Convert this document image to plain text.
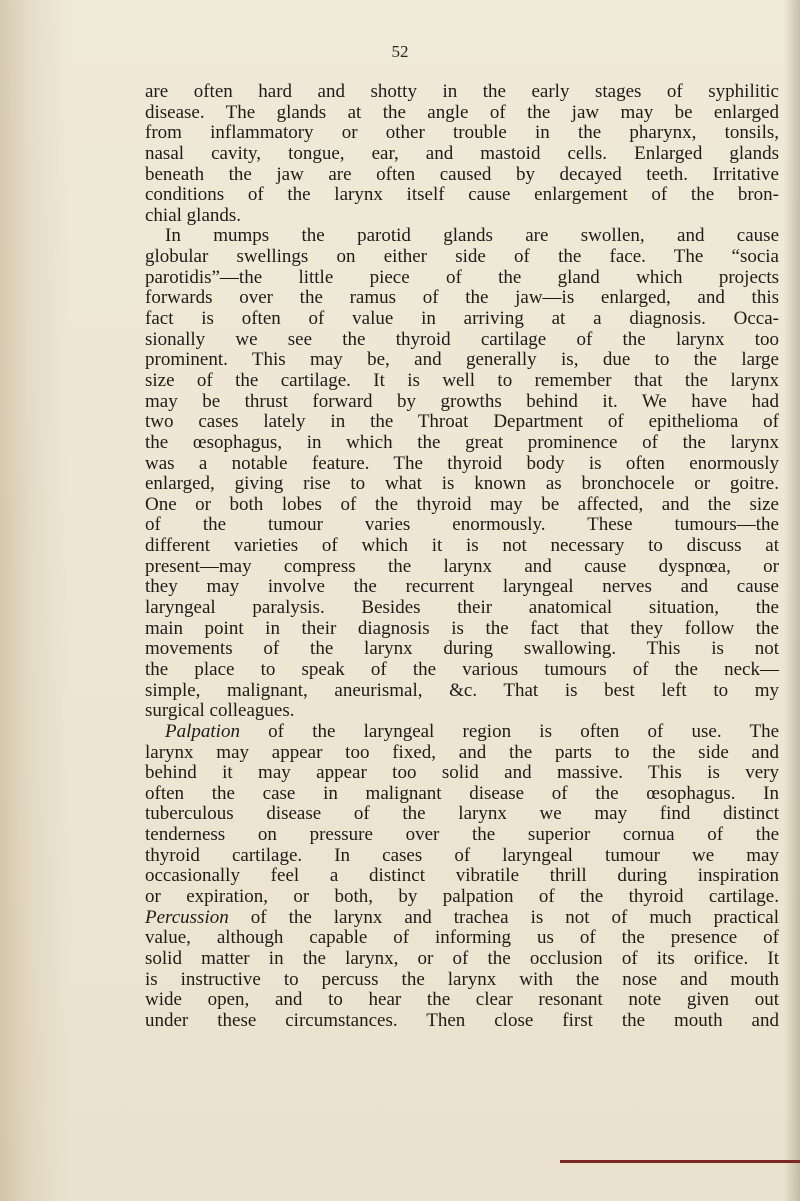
52

are often hard and shotty in the early stages of syphilitic
disease. The glands at the angle of the jaw may be enlarged
from inflammatory or other trouble in the pharynx, tonsils,
nasal cavity, tongue, ear, and mastoid cells. Enlarged glands
beneath the jaw are often caused by decayed teeth. Irritative
conditions of the larynx itself cause enlargement of the bron-
chial glands.
In mumps the parotid glands are swollen, and cause
globular swellings on either side of the face. The “socia
parotidis”—the little piece of the gland which projects
forwards over the ramus of the jaw—is enlarged, and this
fact is often of value in arriving at a diagnosis. Occa-
sionally we see the thyroid cartilage of the larynx too
prominent. This may be, and generally is, due to the large
size of the cartilage. It is well to remember that the larynx
may be thrust forward by growths behind it. We have had
two cases lately in the Throat Department of epithelioma of
the œsophagus, in which the great prominence of the larynx
was a notable feature. The thyroid body is often enormously
enlarged, giving rise to what is known as bronchocele or goitre.
One or both lobes of the thyroid may be affected, and the size
of the tumour varies enormously. These tumours—the
different varieties of which it is not necessary to discuss at
present—may compress the larynx and cause dyspnœa, or
they may involve the recurrent laryngeal nerves and cause
laryngeal paralysis. Besides their anatomical situation, the
main point in their diagnosis is the fact that they follow the
movements of the larynx during swallowing. This is not
the place to speak of the various tumours of the neck—
simple, malignant, aneurismal, &c. That is best left to my
surgical colleagues.
Palpation of the laryngeal region is often of use. The
larynx may appear too fixed, and the parts to the side and
behind it may appear too solid and massive. This is very
often the case in malignant disease of the œsophagus. In
tuberculous disease of the larynx we may find distinct
tenderness on pressure over the superior cornua of the
thyroid cartilage. In cases of laryngeal tumour we may
occasionally feel a distinct vibratile thrill during inspiration
or expiration, or both, by palpation of the thyroid cartilage.
Percussion of the larynx and trachea is not of much practical
value, although capable of informing us of the presence of
solid matter in the larynx, or of the occlusion of its orifice. It
is instructive to percuss the larynx with the nose and mouth
wide open, and to hear the clear resonant note given out
under these circumstances. Then close first the mouth and
